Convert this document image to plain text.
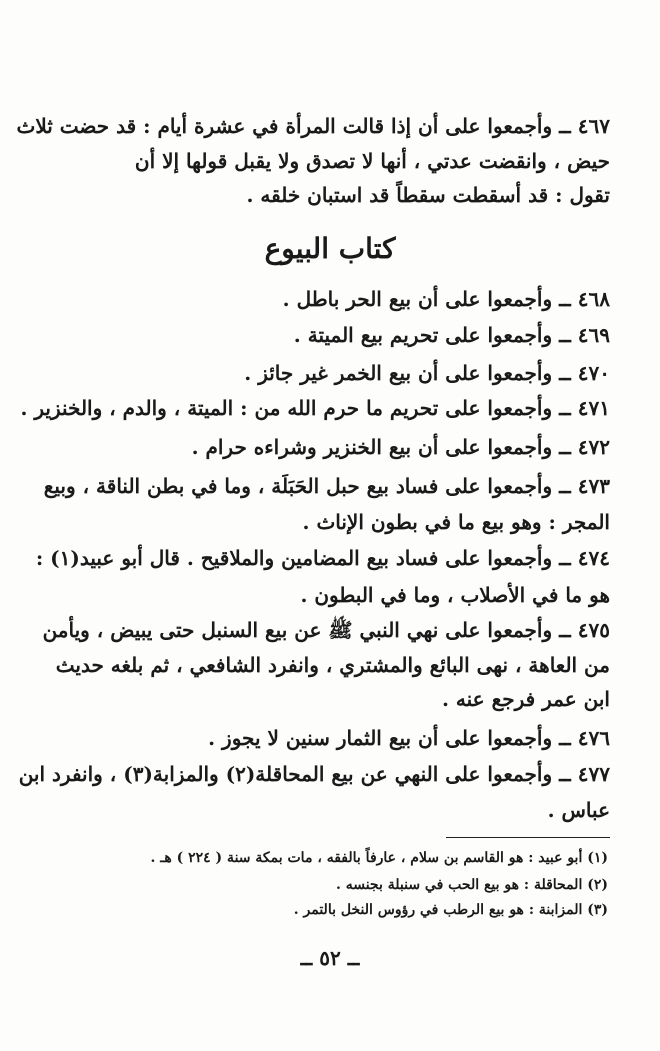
٤٦٧ ــ وأجمعوا على أن إذا قالت المرأة في عشرة أيام : قد حضت ثلاث
حيض ، وانقضت عدتي ، أنها لا تصدق ولا يقبل قولها إلا أن
تقول : قد أسقطت سقطاً قد استبان خلقه .
كتاب البيوع
٤٦٨ ــ وأجمعوا على أن بيع الحر باطل .
٤٦٩ ــ وأجمعوا على تحريم بيع الميتة .
٤٧٠ ــ وأجمعوا على أن بيع الخمر غير جائز .
٤٧١ ــ وأجمعوا على تحريم ما حرم الله من : الميتة ، والدم ، والخنزير .
٤٧٢ ــ وأجمعوا على أن بيع الخنزير وشراءه حرام .
٤٧٣ ــ وأجمعوا على فساد بيع حبل الحَبَلَة ، وما في بطن الناقة ، وبيع
المجر : وهو بيع ما في بطون الإناث .
٤٧٤ ــ وأجمعوا على فساد بيع المضامين والملاقيح . قال أبو عبيد(١) :
هو ما في الأصلاب ، وما في البطون .
٤٧٥ ــ وأجمعوا على نهي النبي ﷺ عن بيع السنبل حتى يبيض ، ويأمن
من العاهة ، نهى البائع والمشتري ، وانفرد الشافعي ، ثم بلغه حديث
ابن عمر فرجع عنه .
٤٧٦ ــ وأجمعوا على أن بيع الثمار سنين لا يجوز .
٤٧٧ ــ وأجمعوا على النهي عن بيع المحاقلة(٢) والمزابة(٣) ، وانفرد ابن
عباس .
(١) أبو عبيد : هو القاسم بن سلام ، عارفاً بالفقه ، مات بمكة سنة ( ٢٢٤ ) هـ .
(٢) المحاقلة : هو بيع الحب في سنبلة بجنسه .
(٣) المزابنة : هو بيع الرطب في رؤوس النخل بالتمر .
ــ ٥٢ ــ
